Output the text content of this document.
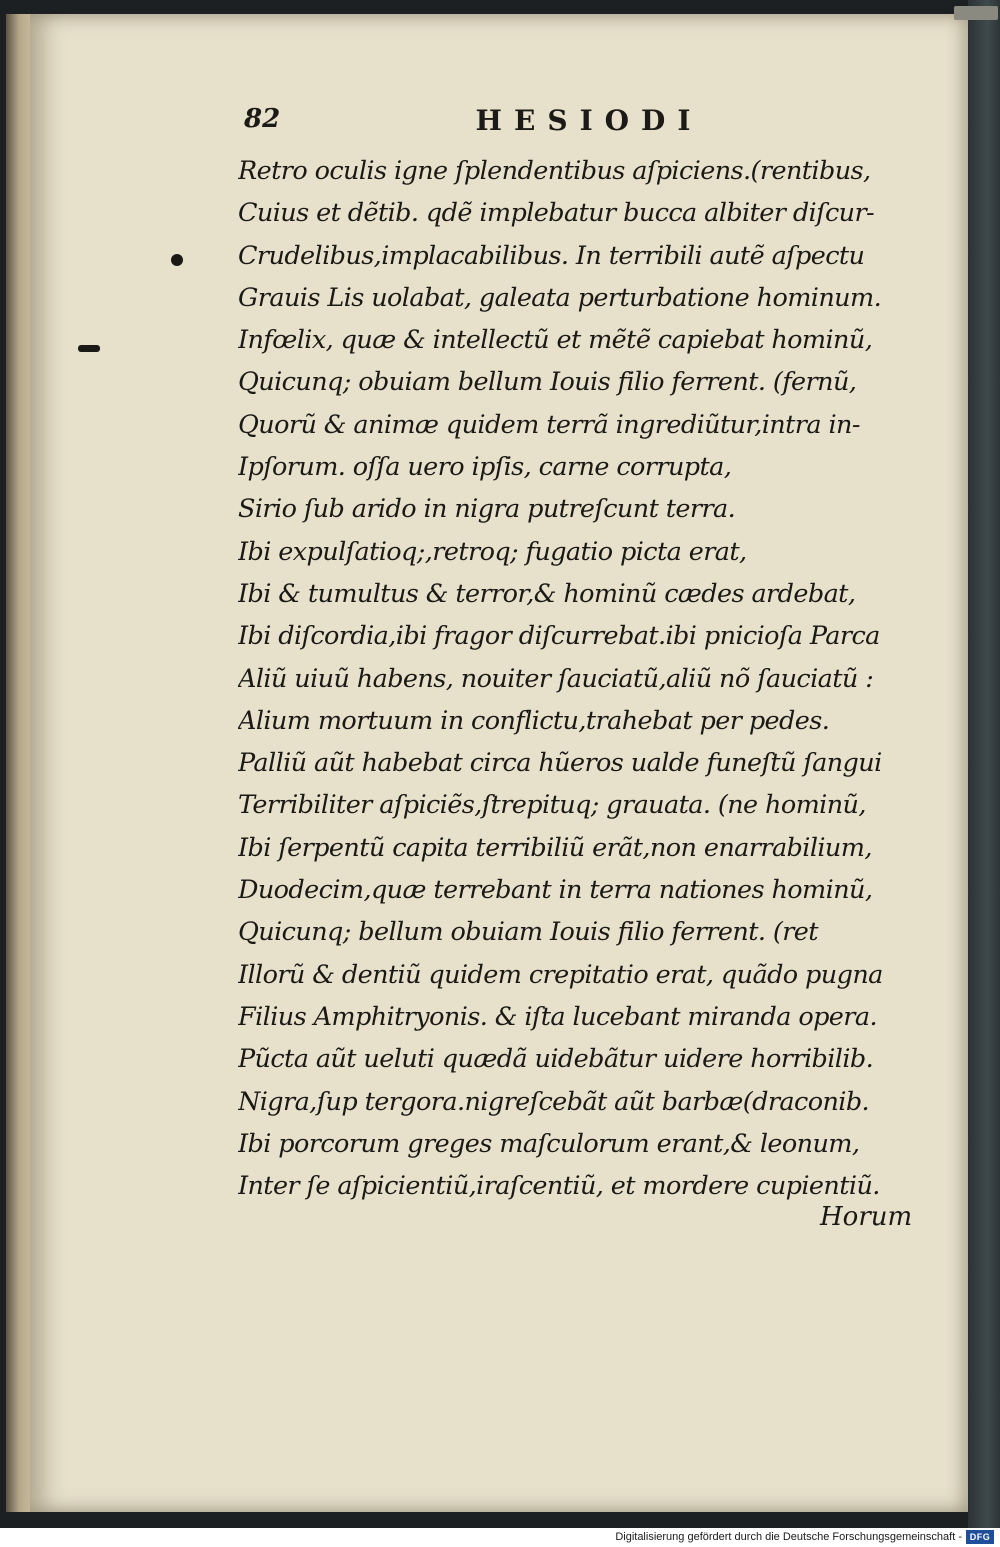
82	HESIODI
Retro oculis igne ſplendentibus aſpiciens.(rentibus,
Cuius et dẽtib. qdẽ implebatur bucca albiter diſcur-
Crudelibus,implacabilibus. In terribili autẽ aſpectu
Grauis Lis uolabat, galeata perturbatione hominum.
Infœlix, quæ & intellectũ et mẽtẽ capiebat hominũ,
Quicunq; obuiam bellum Iouis filio ferrent. (fernũ,
Quorũ & animæ quidem terrã ingrediũtur,intra in-
Ipſorum. oſſa uero ipſis, carne corrupta,
Sirio ſub arido in nigra putreſcunt terra.
Ibi expulſatioq;,retroq; fugatio picta erat,
Ibi & tumultus & terror,& hominũ cædes ardebat,
Ibi diſcordia,ibi fragor diſcurrebat.ibi pnicioſa Parca
Aliũ uiuũ habens, nouiter ſauciatũ,aliũ nõ ſauciatũ :
Alium mortuum in conflictu,trahebat per pedes.
Palliũ aũt habebat circa hũeros ualde funeſtũ ſangui
Terribiliter aſpiciẽs,ſtrepituq; grauata. (ne hominũ,
Ibi ſerpentũ capita terribiliũ erãt,non enarrabilium,
Duodecim,quæ terrebant in terra nationes hominũ,
Quicunq; bellum obuiam Iouis filio ferrent. (ret
Illorũ & dentiũ quidem crepitatio erat, quãdo pugna
Filius Amphitryonis. & iſta lucebant miranda opera.
Pũcta aũt ueluti quædã uidebãtur uidere horribilib.
Nigra,ſup tergora.nigreſcebãt aũt barbæ(draconib.
Ibi porcorum greges maſculorum erant,& leonum,
Inter ſe aſpicientiũ,iraſcentiũ, et mordere cupientiũ.
Horum
Digitalisierung gefördert durch die Deutsche Forschungsgemeinschaft - DFG
